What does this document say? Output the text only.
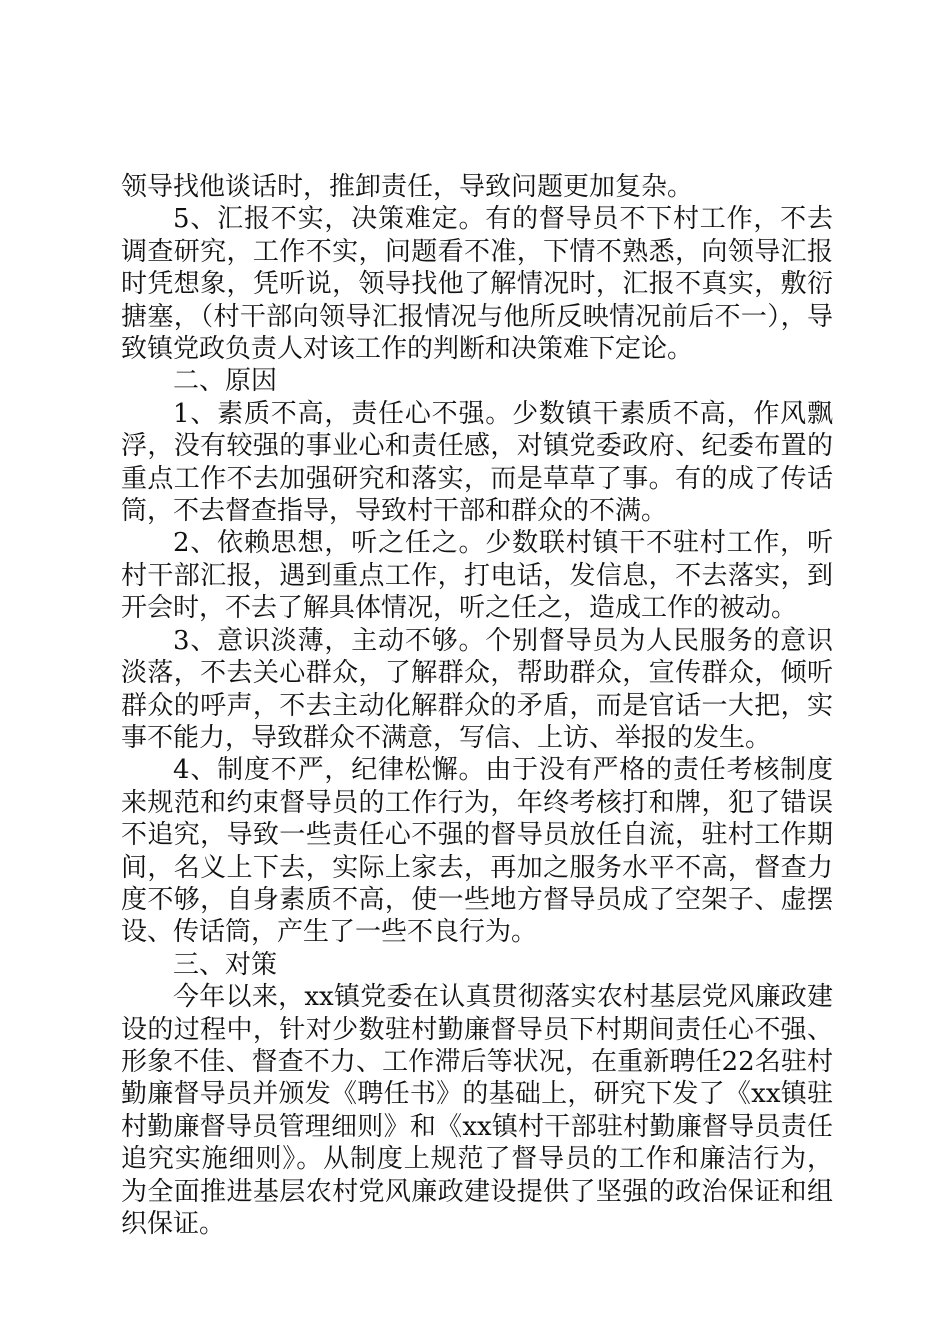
领导找他谈话时，推卸责任，导致问题更加复杂。

5、汇报不实，决策难定。有的督导员不下村工作，不去调查研究，工作不实，问题看不准，下情不熟悉，向领导汇报时凭想象，凭听说，领导找他了解情况时，汇报不真实，敷衍搪塞，（村干部向领导汇报情况与他所反映情况前后不一），导致镇党政负责人对该工作的判断和决策难下定论。

二、原因

1、素质不高，责任心不强。少数镇干素质不高，作风飘浮，没有较强的事业心和责任感，对镇党委政府、纪委布置的重点工作不去加强研究和落实，而是草草了事。有的成了传话筒，不去督查指导，导致村干部和群众的不满。

2、依赖思想，听之任之。少数联村镇干不驻村工作，听村干部汇报，遇到重点工作，打电话，发信息，不去落实，到开会时，不去了解具体情况，听之任之，造成工作的被动。

3、意识淡薄，主动不够。个别督导员为人民服务的意识淡落，不去关心群众，了解群众，帮助群众，宣传群众，倾听群众的呼声，不去主动化解群众的矛盾，而是官话一大把，实事不能力，导致群众不满意，写信、上访、举报的发生。

4、制度不严，纪律松懈。由于没有严格的责任考核制度来规范和约束督导员的工作行为，年终考核打和牌，犯了错误不追究，导致一些责任心不强的督导员放任自流，驻村工作期间，名义上下去，实际上家去，再加之服务水平不高，督查力度不够，自身素质不高，使一些地方督导员成了空架子、虚摆设、传话筒，产生了一些不良行为。

三、对策

今年以来，xx镇党委在认真贯彻落实农村基层党风廉政建设的过程中，针对少数驻村勤廉督导员下村期间责任心不强、形象不佳、督查不力、工作滞后等状况，在重新聘任22名驻村勤廉督导员并颁发《聘任书》的基础上，研究下发了《xx镇驻村勤廉督导员管理细则》和《xx镇村干部驻村勤廉督导员责任追究实施细则》。从制度上规范了督导员的工作和廉洁行为，为全面推进基层农村党风廉政建设提供了坚强的政治保证和组织保证。
